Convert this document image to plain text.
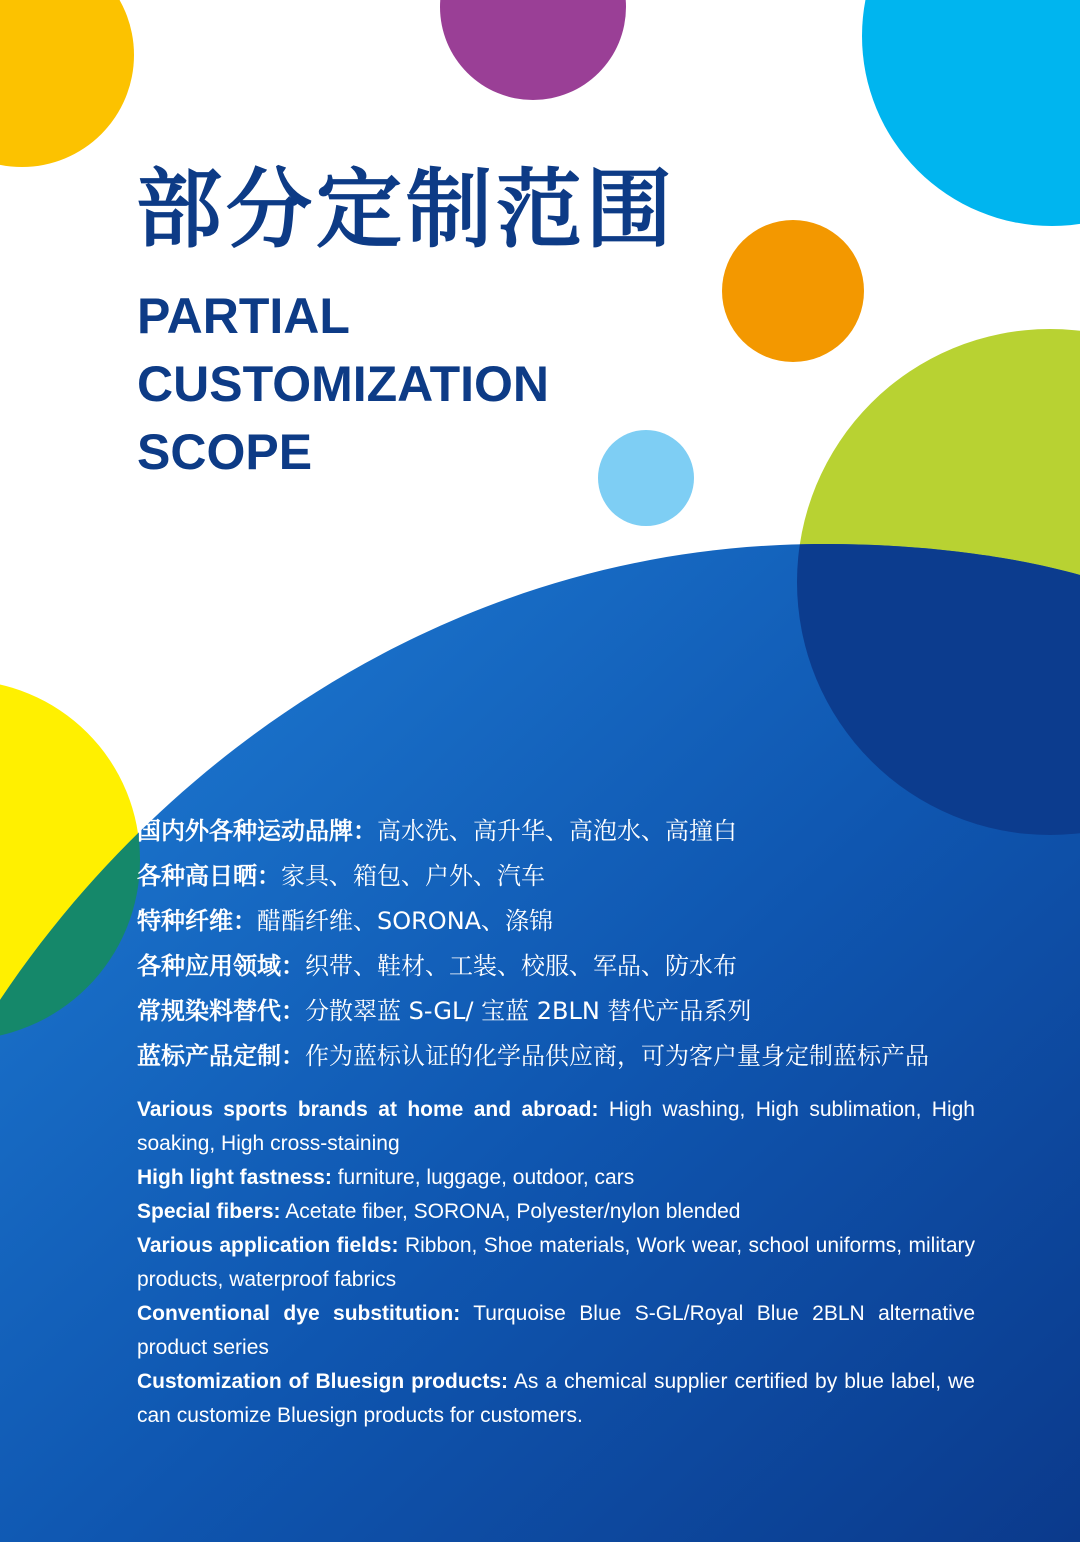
部分定制范围
PARTIAL
CUSTOMIZATION
SCOPE
国内外各种运动品牌：高水洗、高升华、高泡水、高撞白
各种高日晒：家具、箱包、户外、汽车
特种纤维：醋酯纤维、SORONA、涤锦
各种应用领域：织带、鞋材、工装、校服、军品、防水布
常规染料替代：分散翠蓝 S-GL/ 宝蓝 2BLN 替代产品系列
蓝标产品定制：作为蓝标认证的化学品供应商，可为客户量身定制蓝标产品

Various sports brands at home and abroad: High washing, High sublimation, High soaking, High cross-staining

High light fastness: furniture, luggage, outdoor, cars

Special fibers: Acetate fiber, SORONA, Polyester/nylon blended

Various application fields: Ribbon, Shoe materials, Work wear, school uniforms, military products, waterproof fabrics

Conventional dye substitution: Turquoise Blue S-GL/Royal Blue 2BLN alternative product series

Customization of Bluesign products: As a chemical supplier certified by blue label, we can customize Bluesign products for customers.
